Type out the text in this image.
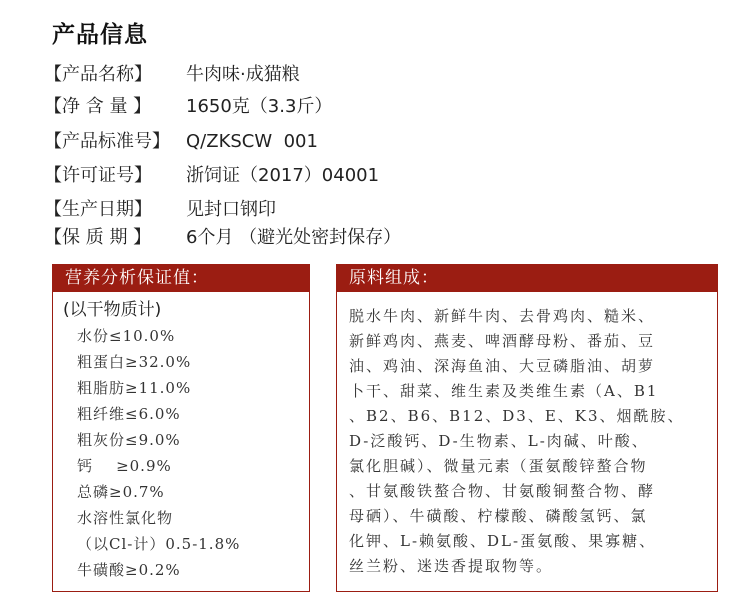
产品信息
【产品名称】 牛肉味·成猫粮
【净 含 量 】 1650克（3.3斤）
【产品标准号】 Q/ZKSCW  001
【许可证号】 浙饲证（2017）04001
【生产日期】 见封口钢印
【保 质 期 】 6个月 （避光处密封保存）
营养分析保证值：
(以干物质计)
水份≤10.0%
粗蛋白≥32.0%
粗脂肪≥11.0%
粗纤维≤6.0%
粗灰份≤9.0%
钙    ≥0.9%
总磷≥0.7%
水溶性氯化物
（以Cl-计）0.5-1.8%
牛磺酸≥0.2%
原料组成：
脱水牛肉、新鲜牛肉、去骨鸡肉、糙米、
新鲜鸡肉、燕麦、啤酒酵母粉、番茄、豆
油、鸡油、深海鱼油、大豆磷脂油、胡萝
卜干、甜菜、维生素及类维生素（A、B1
、B2、B6、B12、D3、E、K3、烟酰胺、
D-泛酸钙、D-生物素、L-肉碱、叶酸、
氯化胆碱）、微量元素（蛋氨酸锌螯合物
、甘氨酸铁螯合物、甘氨酸铜螯合物、酵
母硒）、牛磺酸、柠檬酸、磷酸氢钙、氯
化钾、L-赖氨酸、DL-蛋氨酸、果寡糖、
丝兰粉、迷迭香提取物等。
